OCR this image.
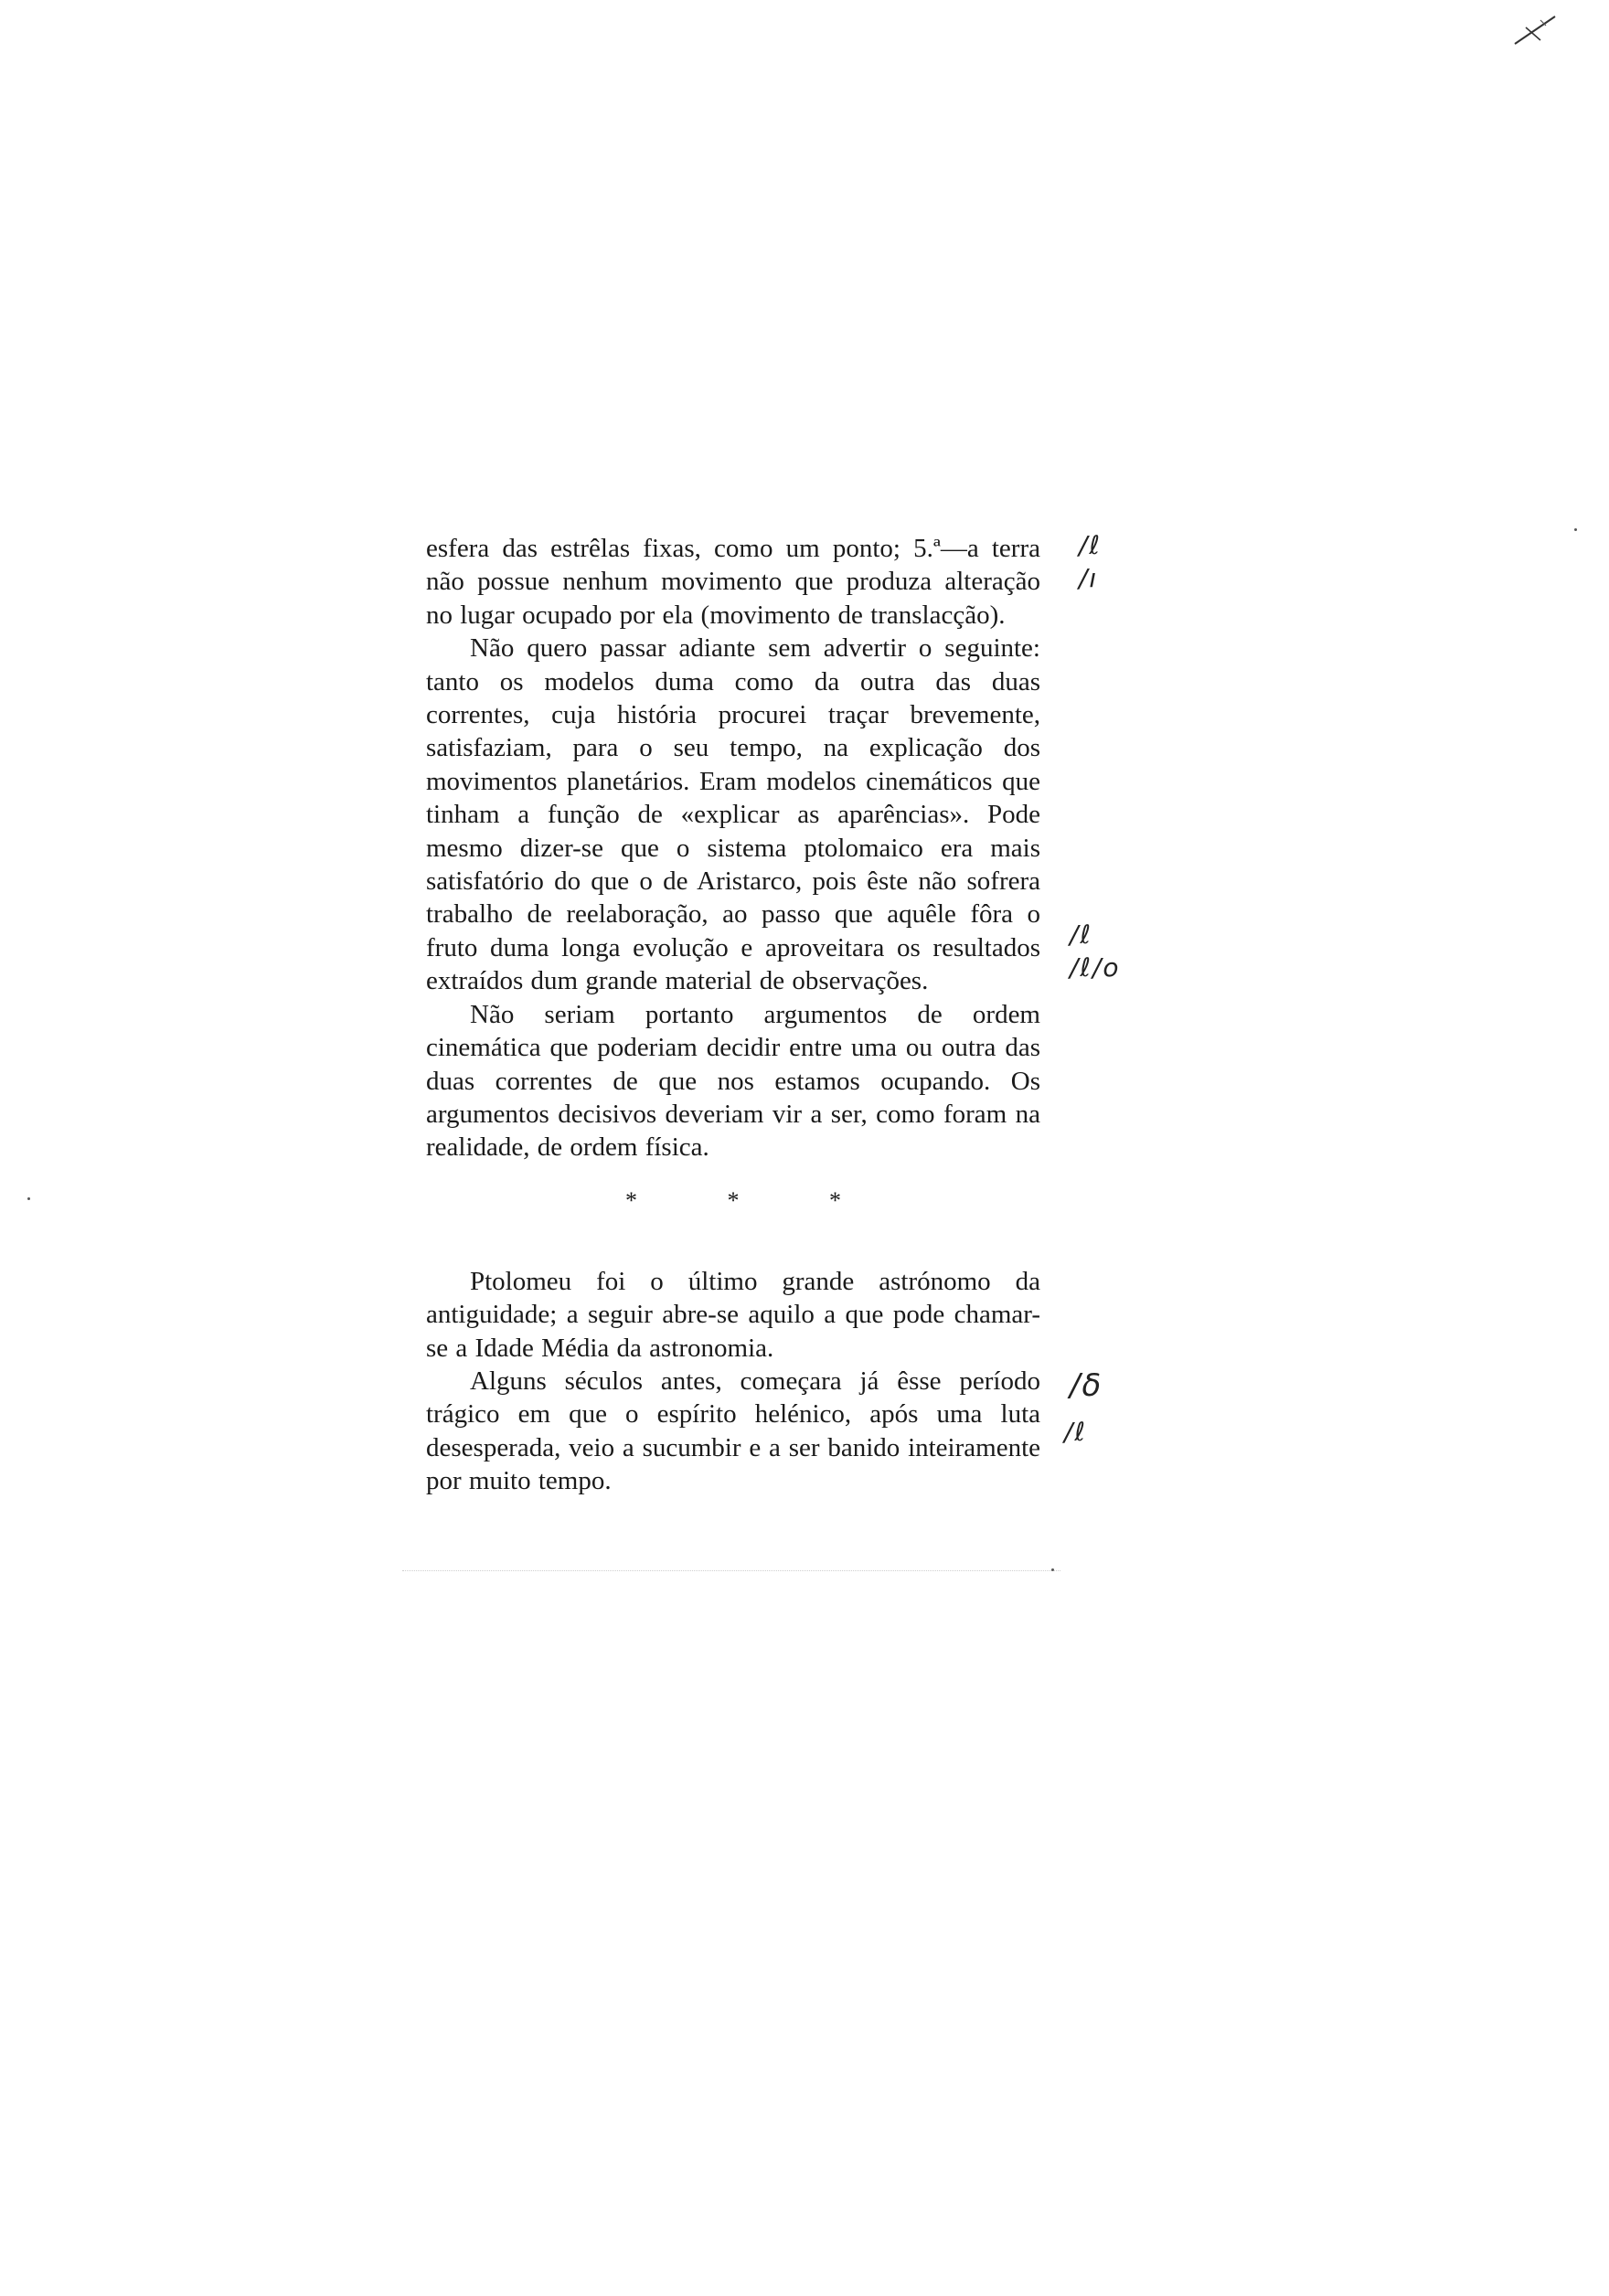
esfera das estrêlas fixas, como um ponto; 5.ª—a terra não possue nenhum movimento que produza alteração no lugar ocupado por ela (movimento de translacção).

Não quero passar adiante sem advertir o seguinte: tanto os modelos duma como da outra das duas correntes, cuja história procurei traçar brevemente, satisfaziam, para o seu tempo, na explicação dos movimentos planetários. Eram modelos cinemáticos que tinham a função de «explicar as aparências». Pode mesmo dizer-se que o sistema ptolomaico era mais satisfatório do que o de Aristarco, pois êste não sofrera trabalho de reelaboração, ao passo que aquêle fôra o fruto duma longa evolução e aproveitara os resultados extraídos dum grande material de observações.

Não seriam portanto argumentos de ordem cinemática que poderiam decidir entre uma ou outra das duas correntes de que nos estamos ocupando. Os argumentos decisivos deveriam vir a ser, como foram na realidade, de ordem física.

* * *

Ptolomeu foi o último grande astrónomo da antiguidade; a seguir abre-se aquilo a que pode chamar-se a Idade Média da astronomia.

Alguns séculos antes, começara já êsse período trágico em que o espírito helénico, após uma luta desesperada, veio a sucumbir e a ser banido inteiramente por muito tempo.

/ℓ
/ı
/ℓ
/ℓ/o
/δ
/ℓ
